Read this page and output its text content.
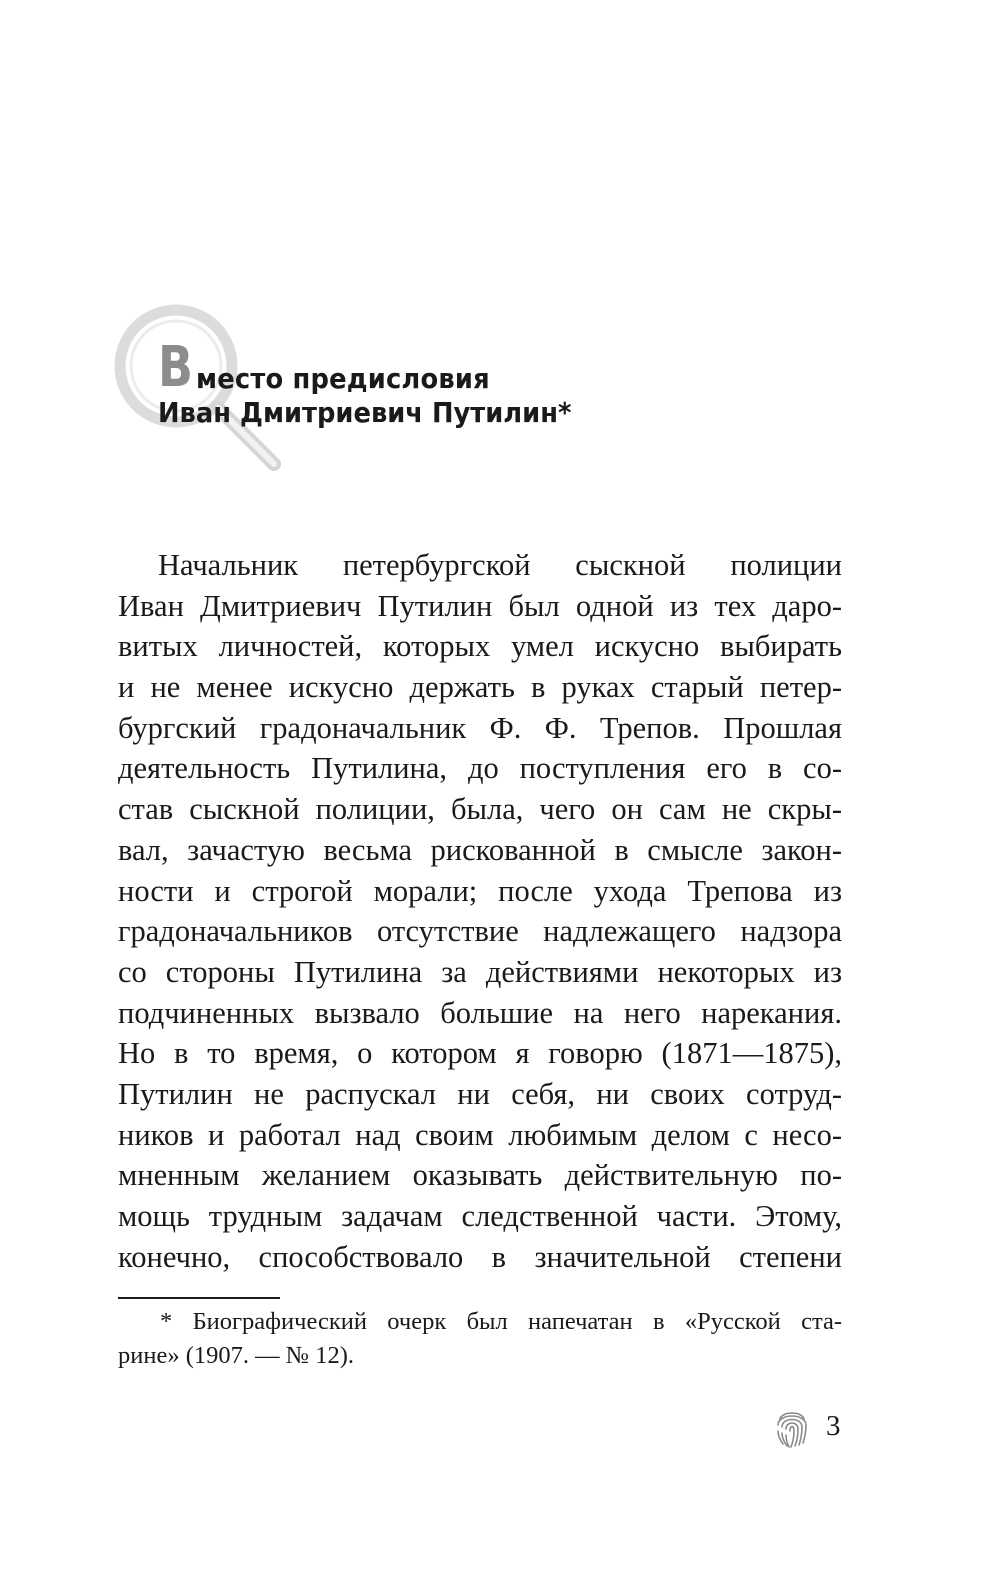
В место предисловия
Иван Дмитриевич Путилин*
Начальник петербургской сыскной полиции
Иван Дмитриевич Путилин был одной из тех даро-
витых личностей, которых умел искусно выбирать
и не менее искусно держать в руках старый петер-
бургский градоначальник Ф. Ф. Трепов. Прошлая
деятельность Путилина, до поступления его в со-
став сыскной полиции, была, чего он сам не скры-
вал, зачастую весьма рискованной в смысле закон-
ности и строгой морали; после ухода Трепова из
градоначальников отсутствие надлежащего надзора
со стороны Путилина за действиями некоторых из
подчиненных вызвало большие на него нарекания.
Но в то время, о котором я говорю (1871—1875),
Путилин не распускал ни себя, ни своих сотруд-
ников и работал над своим любимым делом с несо-
мненным желанием оказывать действительную по-
мощь трудным задачам следственной части. Этому,
конечно, способствовало в значительной степени
* Биографический очерк был напечатан в «Русской ста-
рине» (1907. — № 12).
3
